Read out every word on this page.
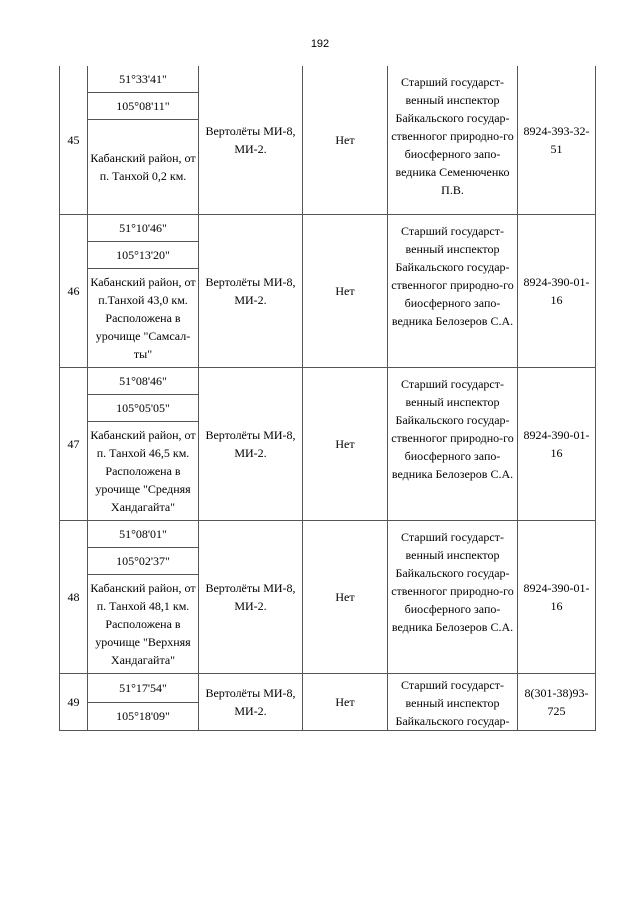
192
45	51°33'41"	Вертолёты МИ-8, МИ-2.	Нет	Старший государст-венный инспектор Байкальского государ-ственногог природно-го биосферного запо-ведника Семенюченко П.В.	8924-393-32-51
	105°08'11"				
	Кабанский район, от п. Танхой 0,2 км.				
46	51°10'46"	Вертолёты МИ-8, МИ-2.	Нет	Старший государст-венный инспектор Байкальского государ-ственногог природно-го биосферного запо-ведника Белозеров С.А.	8924-390-01-16
	105°13'20"				
	Кабанский район, от п.Танхой 43,0 км. Расположена в урочище "Самсал-ты"				
47	51°08'46"	Вертолёты МИ-8, МИ-2.	Нет	Старший государст-венный инспектор Байкальского государ-ственногог природно-го биосферного запо-ведника Белозеров С.А.	8924-390-01-16
	105°05'05"				
	Кабанский район, от п. Танхой 46,5 км. Расположена в урочище "Средняя Хандагайта"				
48	51°08'01"	Вертолёты МИ-8, МИ-2.	Нет	Старший государст-венный инспектор Байкальского государ-ственногог природно-го биосферного запо-ведника Белозеров С.А.	8924-390-01-16
	105°02'37"				
	Кабанский район, от п. Танхой 48,1 км. Расположена в урочище "Верхняя Хандагайта"				
49	51°17'54"	Вертолёты МИ-8, МИ-2.	Нет	Старший государст-венный инспектор Байкальского государ-	8(301-38)93-725
	105°18'09"				
